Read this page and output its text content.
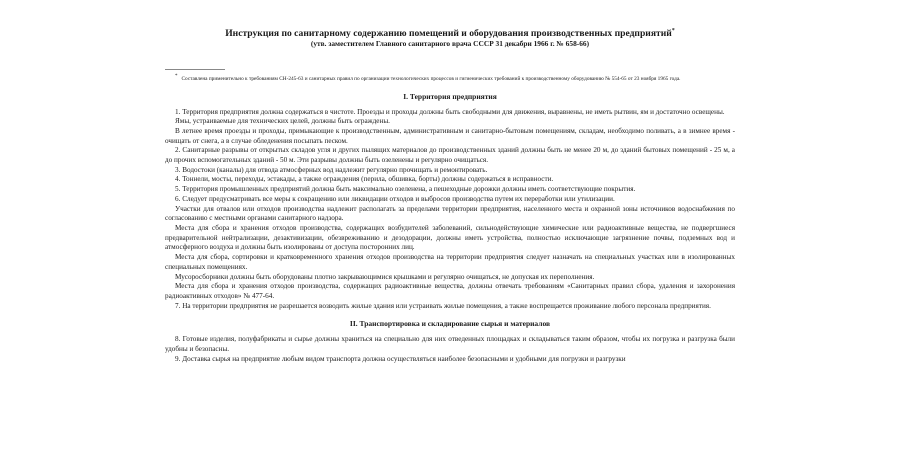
Инструкция по санитарному содержанию помещений и оборудования производственных предприятий*

(утв. заместителем Главного санитарного врача СССР 31 декабри 1966 г. № 658-66)

* Составлена применительно к требованиям СН-245-63 и санитарных правил по организации технологических процессов и гигиенических требований к производственному оборудованию № 554-65 от 23 ноября 1965 года.

I. Территория предприятия

1. Территория предприятия должна содержаться в чистоте. Проезды и проходы должны быть свободными для движения, выравнены, не иметь рытвин, ям и достаточно освещены.

Ямы, устраиваемые для технических целей, должны быть ограждены.

В летнее время проезды и проходы, примыкающие к производственным, административным и санитарно-бытовым помещениям, складам, необходимо поливать, а в зимнее время - очищать от снега, а в случае обледенения посыпать песком.

2. Санитарные разрывы от открытых складов угля и других пылящих материалов до производственных зданий должны быть не менее 20 м, до зданий бытовых помещений - 25 м, а до прочих вспомогательных зданий - 50 м. Эти разрывы должны быть озеленены и регулярно очищаться.

3. Водостоки (каналы) для отвода атмосферных вод надлежит регулярно прочищать и ремонтировать.

4. Тоннели, мосты, переходы, эстакады, а также ограждения (перила, обшивка, борты) должны содержаться в исправности.

5. Территория промышленных предприятий должна быть максимально озеленена, а пешеходные дорожки должны иметь соответствующие покрытия.

6. Следует предусматривать все меры к сокращению или ликвидации отходов и выбросов производства путем их переработки или утилизации.

Участки для отвалов или отходов производства надлежит располагать за пределами территории предприятия, населенного места и охранной зоны источников водоснабжения по согласованию с местными органами санитарного надзора.

Места для сбора и хранения отходов производства, содержащих возбудителей заболеваний, сильнодействующие химические или радиоактивные вещества, не подвергшиеся предварительной нейтрализации, дезактивизации, обезвреживанию и дезодорации, должны иметь устройства, полностью исключающие загрязнение почвы, подземных вод и атмосферного воздуха и должны быть изолированы от доступа посторонних лиц.

Места для сбора, сортировки и кратковременного хранения отходов производства на территории предприятия следует назначать на специальных участках или в изолированных специальных помещениях.

Мусоросборники должны быть оборудованы плотно закрывающимися крышками и регулярно очищаться, не допуская их переполнения.

Места для сбора и хранения отходов производства, содержащих радиоактивные вещества, должны отвечать требованиям «Санитарных правил сбора, удаления и захоронения радиоактивных отходов» № 477-64.

7. На территории предприятия не разрешается возводить жилые здания или устраивать жилые помещения, а также воспрещается проживание любого персонала предприятия.

II. Транспортировка и складирование сырья и материалов

8. Готовые изделия, полуфабрикаты и сырье должны храниться на специально для них отведенных площадках и складываться таким образом, чтобы их погрузка и разгрузка были удобны и безопасны.

9. Доставка сырья на предприятие любым видом транспорта должна осуществляться наиболее безопасными и удобными для погрузки и разгрузки
